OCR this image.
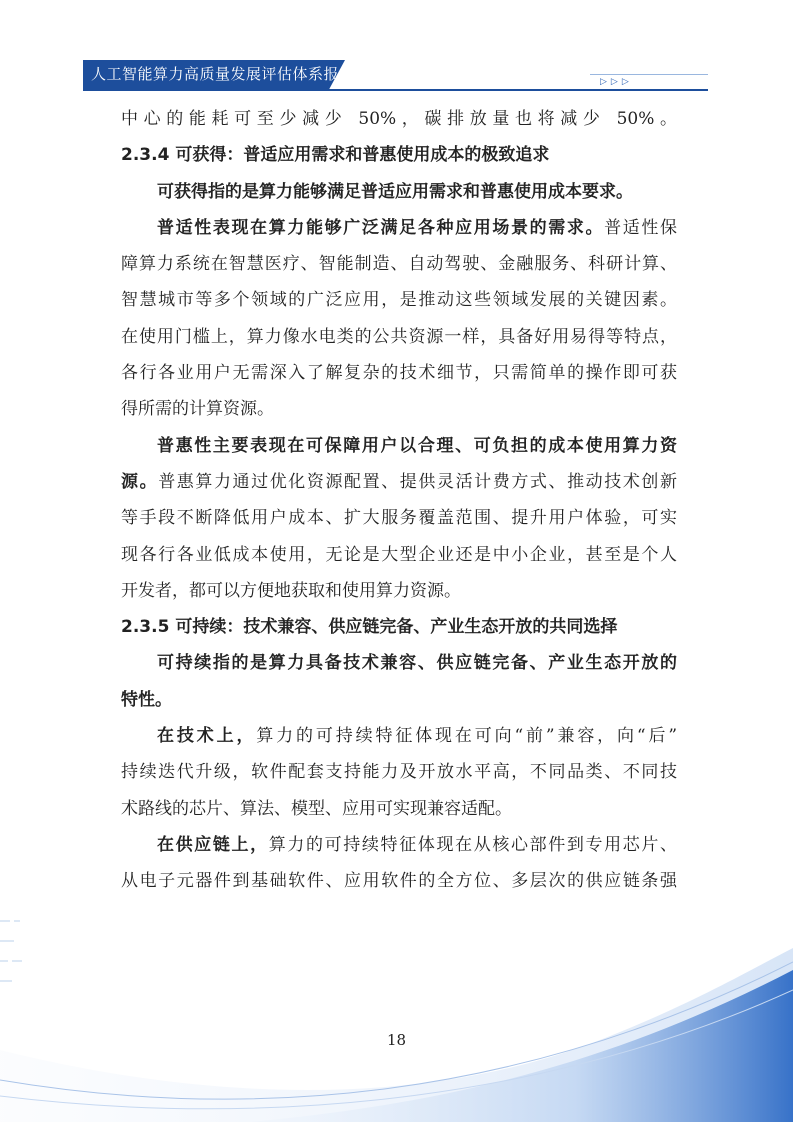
人工智能算力高质量发展评估体系报告	▷▷▷
中心的能耗可至少减少 50%，碳排放量也将减少 50%。
2.3.4 可获得：普适应用需求和普惠使用成本的极致追求
可获得指的是算力能够满足普适应用需求和普惠使用成本要求。
普适性表现在算力能够广泛满足各种应用场景的需求。普适性保
障算力系统在智慧医疗、智能制造、自动驾驶、金融服务、科研计算、
智慧城市等多个领域的广泛应用，是推动这些领域发展的关键因素。
在使用门槛上，算力像水电类的公共资源一样，具备好用易得等特点，
各行各业用户无需深入了解复杂的技术细节，只需简单的操作即可获
得所需的计算资源。
普惠性主要表现在可保障用户以合理、可负担的成本使用算力资
源。普惠算力通过优化资源配置、提供灵活计费方式、推动技术创新
等手段不断降低用户成本、扩大服务覆盖范围、提升用户体验，可实
现各行各业低成本使用，无论是大型企业还是中小企业，甚至是个人
开发者，都可以方便地获取和使用算力资源。
2.3.5 可持续：技术兼容、供应链完备、产业生态开放的共同选择
可持续指的是算力具备技术兼容、供应链完备、产业生态开放的
特性。
在技术上，算力的可持续特征体现在可向“前”兼容，向“后”
持续迭代升级，软件配套支持能力及开放水平高，不同品类、不同技
术路线的芯片、算法、模型、应用可实现兼容适配。
在供应链上，算力的可持续特征体现在从核心部件到专用芯片、
从电子元器件到基础软件、应用软件的全方位、多层次的供应链条强
18
